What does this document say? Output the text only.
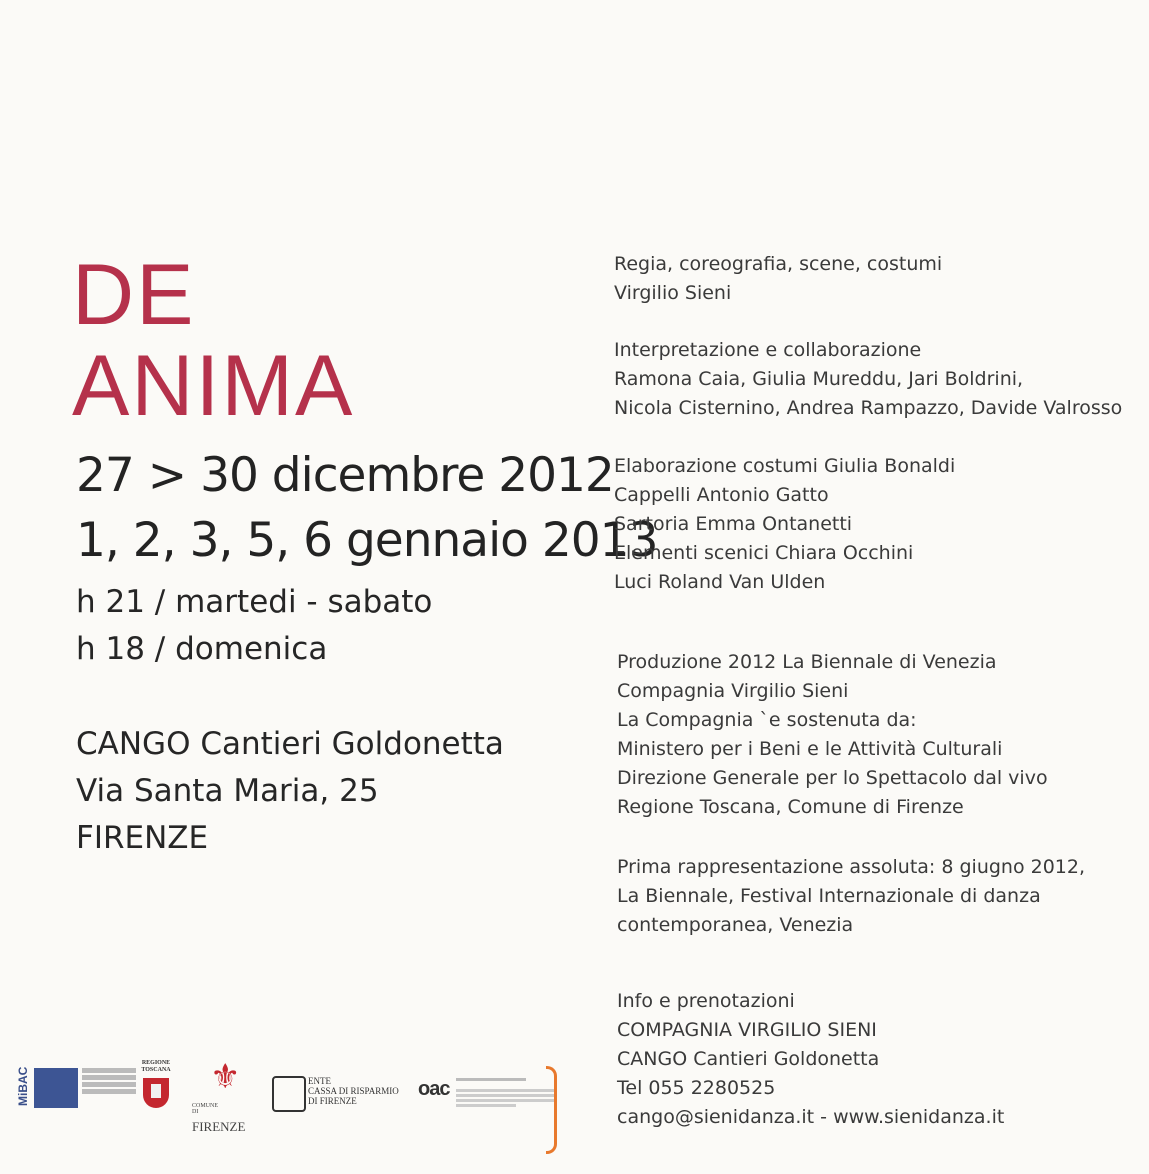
DE
ANIMA
27 > 30 dicembre 2012
1, 2, 3, 5, 6 gennaio 2013
h 21 / martedi - sabato
h 18 / domenica
CANGO Cantieri Goldonetta
Via Santa Maria, 25
FIRENZE
Regia, coreografia, scene, costumi
Virgilio Sieni
Interpretazione e collaborazione
Ramona Caia, Giulia Mureddu, Jari Boldrini,
Nicola Cisternino, Andrea Rampazzo, Davide Valrosso
Elaborazione costumi Giulia Bonaldi
Cappelli Antonio Gatto
Sartoria Emma Ontanetti
Elementi scenici Chiara Occhini
Luci Roland Van Ulden
Produzione 2012 La Biennale di Venezia
Compagnia Virgilio Sieni
La Compagnia `e sostenuta da:
Ministero per i Beni e le Attività Culturali
Direzione Generale per lo Spettacolo dal vivo
Regione Toscana, Comune di Firenze
Prima rappresentazione assoluta: 8 giugno 2012,
La Biennale, Festival Internazionale di danza
contemporanea, Venezia
Info e prenotazioni
COMPAGNIA VIRGILIO SIENI
CANGO Cantieri Goldonetta
Tel 055 2280525
cango@sienidanza.it - www.sienidanza.it
MiBAC
REGIONE TOSCANA ⚜
COMUNE DIFIRENZE
ENTE
CASSA DI RISPARMIO
DI FIRENZE
oac
